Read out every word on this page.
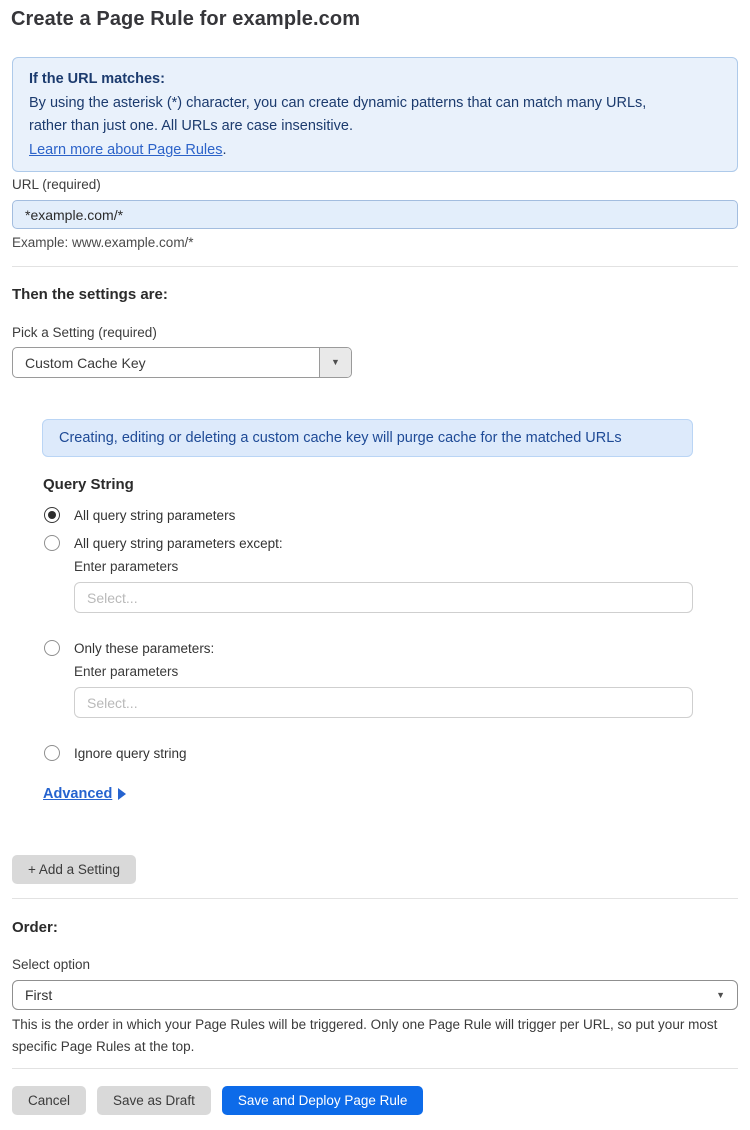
Create a Page Rule for example.com
If the URL matches:
By using the asterisk (*) character, you can create dynamic patterns that can match many URLs,
rather than just one. All URLs are case insensitive.
Learn more about Page Rules.
URL (required)
*example.com/*
Example: www.example.com/*
Then the settings are:
Pick a Setting (required)
Custom Cache Key	▼
Creating, editing or deleting a custom cache key will purge cache for the matched URLs
Query String
All query string parameters
All query string parameters except:
Enter parameters
Select...
Only these parameters:
Enter parameters
Select...
Ignore query string
Advanced
+ Add a Setting
Order:
Select option
First	▼
This is the order in which your Page Rules will be triggered. Only one Page Rule will trigger per URL, so put your most specific Page Rules at the top.
Cancel	Save as Draft	Save and Deploy Page Rule
